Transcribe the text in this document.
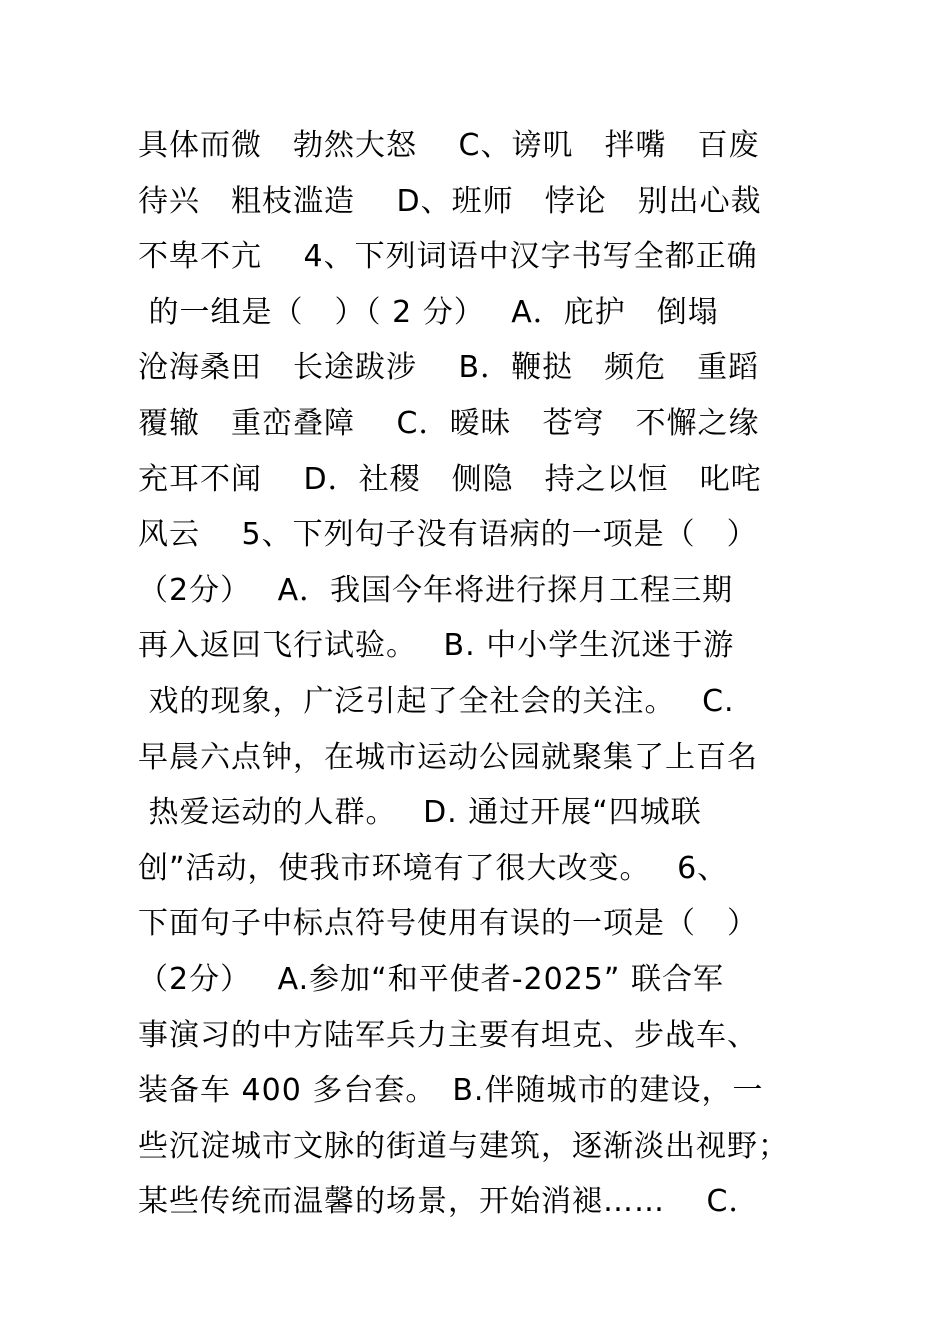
具体而微　勃然大怒　 C、谤叽　拌嘴　百废
待兴　粗枝滥造　 D、班师　悖论　别出心裁
不卑不亢　 4、下列词语中汉字书写全都正确
的一组是（　）（ 2 分）　 A．庇护　倒塌
沧海桑田　长途跋涉　 B．鞭挞　频危　重蹈
覆辙　重峦叠障　 C．暧昧　苍穹　不懈之缘
充耳不闻　 D．社稷　侧隐　持之以恒　叱咤
风云　 5、下列句子没有语病的一项是（　）
（2分）　 A．我国今年将进行探月工程三期
再入返回飞行试验。　 B. 中小学生沉迷于游
戏的现象，广泛引起了全社会的关注。　 C.
早晨六点钟，在城市运动公园就聚集了上百名
热爱运动的人群。　 D. 通过开展“四城联
创”活动，使我市环境有了很大改变。　 6、
下面句子中标点符号使用有误的一项是（　）
（2分）　 A.参加“和平使者-2025” 联合军
事演习的中方陆军兵力主要有坦克、步战车、
装备车 400 多台套。　B.伴随城市的建设，一
些沉淀城市文脉的街道与建筑，逐渐淡出视野；
某些传统而温馨的场景，开始消褪……　 C．
